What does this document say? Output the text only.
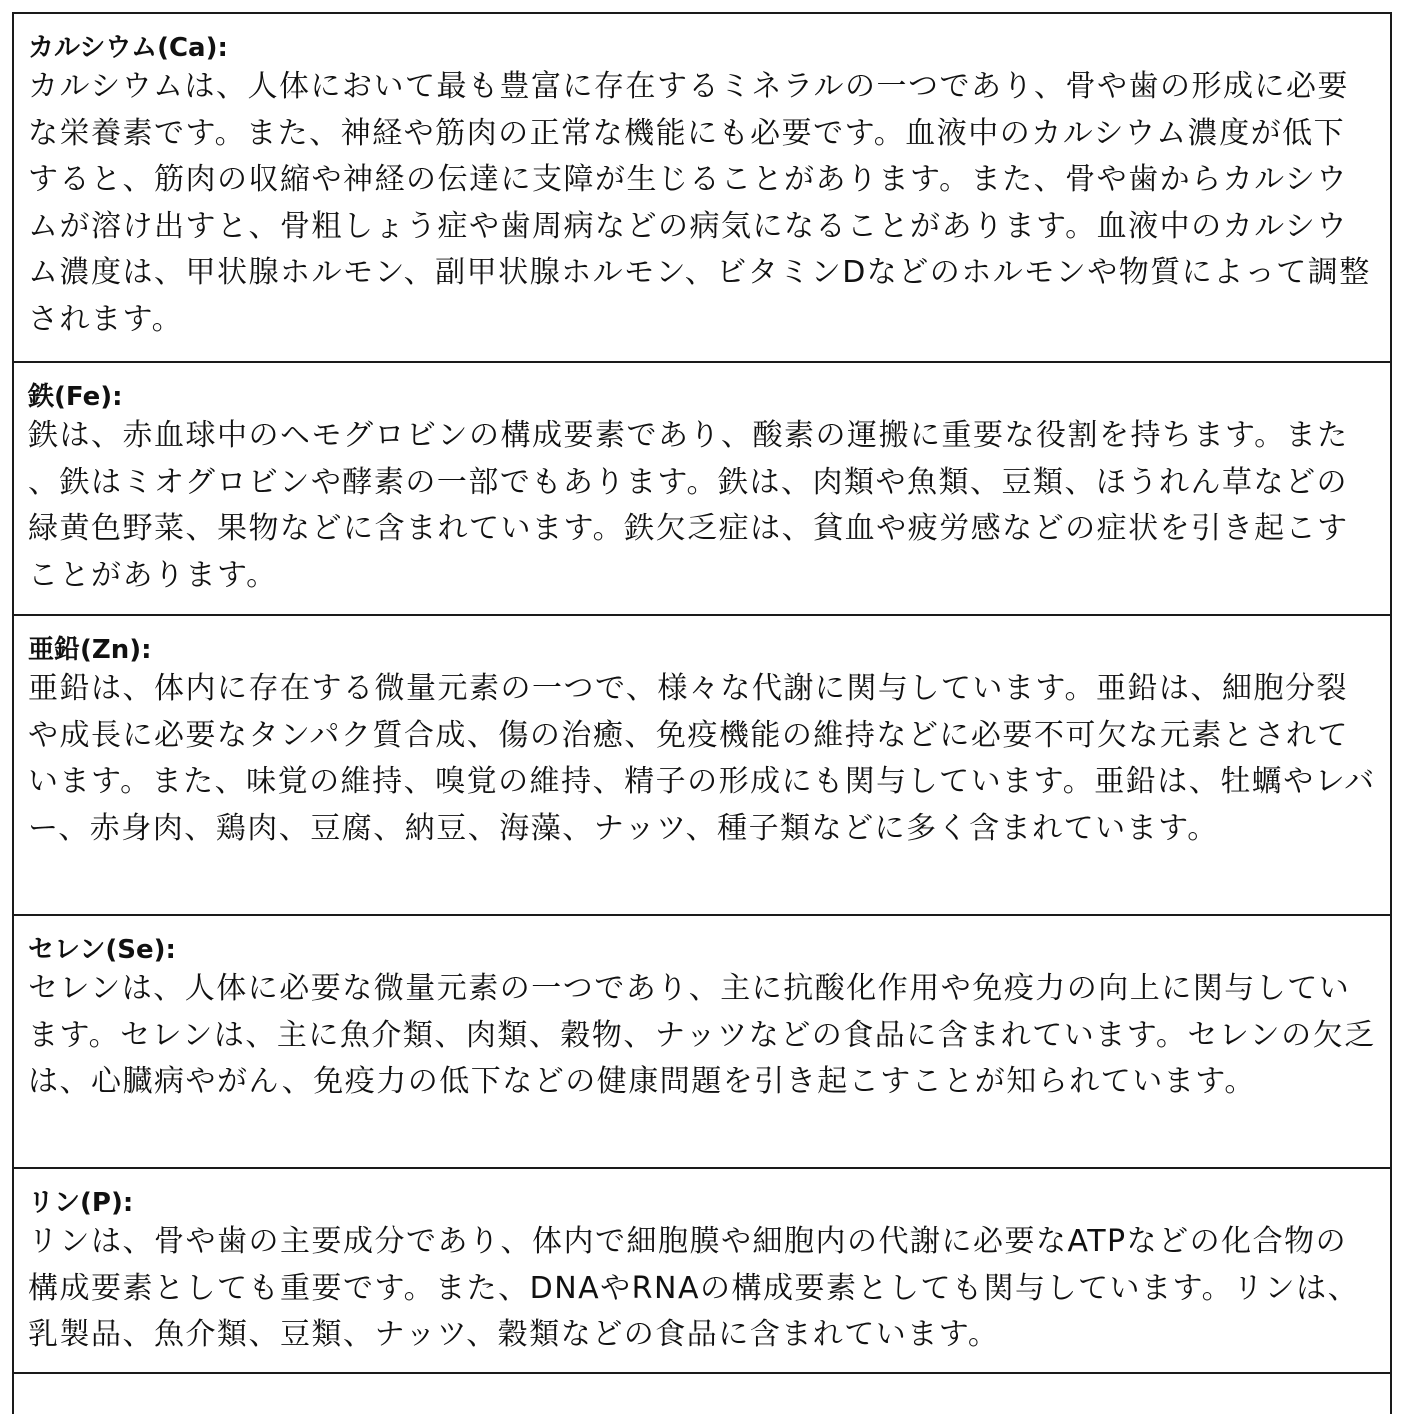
カルシウム(Ca):
カルシウムは、人体において最も豊富に存在するミネラルの一つであり、骨や歯の形成に必要な栄養素です。また、神経や筋肉の正常な機能にも必要です。血液中のカルシウム濃度が低下すると、筋肉の収縮や神経の伝達に支障が生じることがあります。また、骨や歯からカルシウムが溶け出すと、骨粗しょう症や歯周病などの病気になることがあります。血液中のカルシウム濃度は、甲状腺ホルモン、副甲状腺ホルモン、ビタミンDなどのホルモンや物質によって調整されます。
鉄(Fe):
鉄は、赤血球中のヘモグロビンの構成要素であり、酸素の運搬に重要な役割を持ちます。また、鉄はミオグロビンや酵素の一部でもあります。鉄は、肉類や魚類、豆類、ほうれん草などの緑黄色野菜、果物などに含まれています。鉄欠乏症は、貧血や疲労感などの症状を引き起こすことがあります。
亜鉛(Zn):
亜鉛は、体内に存在する微量元素の一つで、様々な代謝に関与しています。亜鉛は、細胞分裂や成長に必要なタンパク質合成、傷の治癒、免疫機能の維持などに必要不可欠な元素とされています。また、味覚の維持、嗅覚の維持、精子の形成にも関与しています。亜鉛は、牡蠣やレバー、赤身肉、鶏肉、豆腐、納豆、海藻、ナッツ、種子類などに多く含まれています。
セレン(Se):
セレンは、人体に必要な微量元素の一つであり、主に抗酸化作用や免疫力の向上に関与しています。セレンは、主に魚介類、肉類、穀物、ナッツなどの食品に含まれています。セレンの欠乏は、心臓病やがん、免疫力の低下などの健康問題を引き起こすことが知られています。
リン(P):
リンは、骨や歯の主要成分であり、体内で細胞膜や細胞内の代謝に必要なATPなどの化合物の構成要素としても重要です。また、DNAやRNAの構成要素としても関与しています。リンは、乳製品、魚介類、豆類、ナッツ、穀類などの食品に含まれています。
